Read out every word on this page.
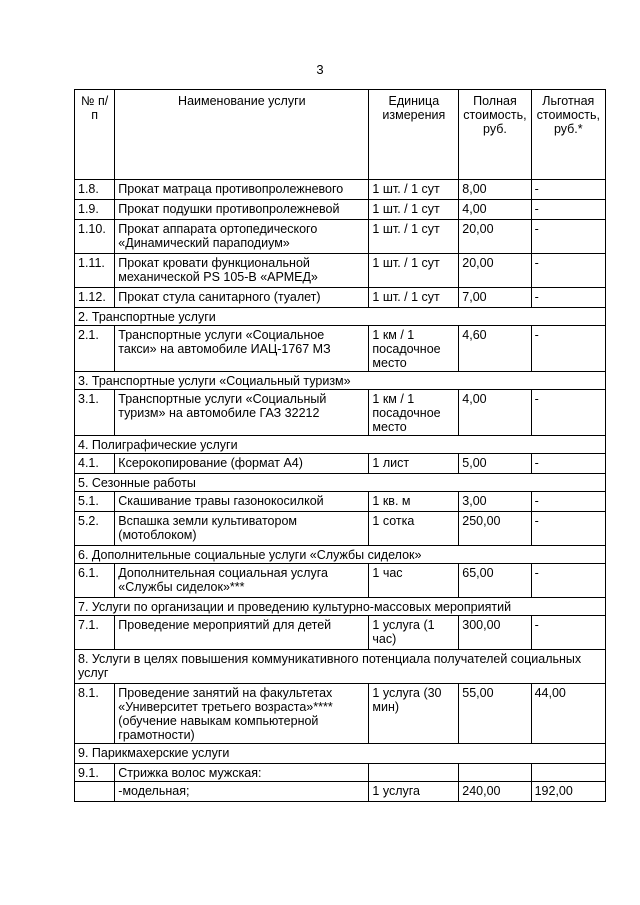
3
№ п/п	Наименование услуги	Единица измерения	Полная стоимость, руб.	Льготная стоимость, руб.*
1.8.	Прокат матраца противопролежневого	1 шт. / 1 сут	8,00	-
1.9.	Прокат подушки противопролежневой	1 шт. / 1 сут	4,00	-
1.10.	Прокат аппарата ортопедического «Динамический параподиум»	1 шт. / 1 сут	20,00	-
1.11.	Прокат кровати функциональной механической PS 105-В «АРМЕД»	1 шт. / 1 сут	20,00	-
1.12.	Прокат стула санитарного (туалет)	1 шт. / 1 сут	7,00	-
2. Транспортные услуги				
2.1.	Транспортные услуги «Социальное такси» на автомобиле ИАЦ-1767 МЗ	1 км / 1 посадочное место	4,60	-
3. Транспортные услуги «Социальный туризм»				
3.1.	Транспортные услуги «Социальный туризм» на автомобиле ГАЗ 32212	1 км / 1 посадочное место	4,00	-
4. Полиграфические услуги				
4.1.	Ксерокопирование (формат А4)	1 лист	5,00	-
5. Сезонные работы				
5.1.	Скашивание травы газонокосилкой	1 кв. м	3,00	-
5.2.	Вспашка земли культиватором (мотоблоком)	1 сотка	250,00	-
6. Дополнительные социальные услуги «Службы сиделок»				
6.1.	Дополнительная социальная услуга «Службы сиделок»***	1 час	65,00	-
7. Услуги по организации и проведению культурно-массовых мероприятий				
7.1.	Проведение мероприятий для детей	1 услуга (1 час)	300,00	-
8. Услуги в целях повышения коммуникативного потенциала получателей социальных услуг				
8.1.	Проведение занятий на факультетах «Университет третьего возраста»**** (обучение навыкам компьютерной грамотности)	1 услуга (30 мин)	55,00	44,00
9. Парикмахерские услуги				
9.1.	Стрижка волос мужская:			
	-модельная;	1 услуга	240,00	192,00
